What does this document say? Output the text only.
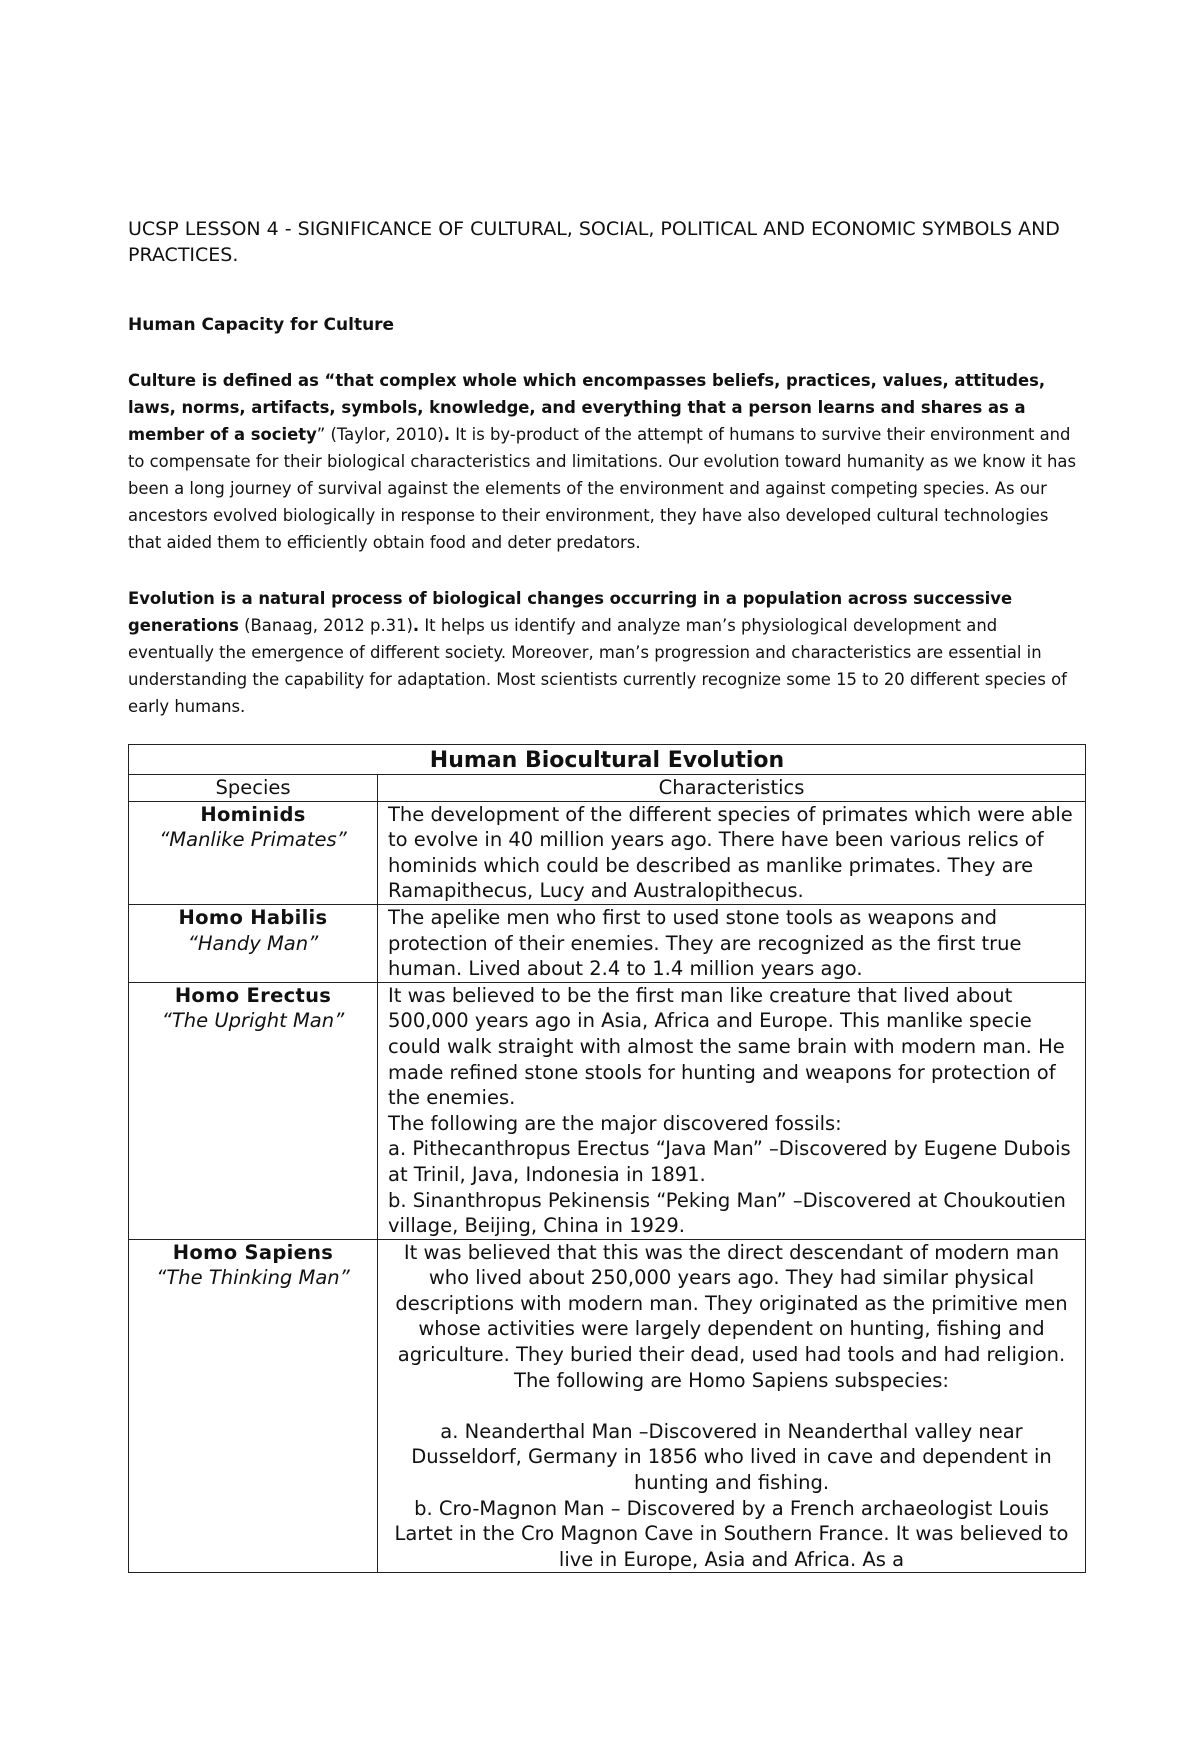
UCSP LESSON 4 - SIGNIFICANCE OF CULTURAL, SOCIAL, POLITICAL AND ECONOMIC SYMBOLS AND PRACTICES.
Human Capacity for Culture

Culture is defined as “that complex whole which encompasses beliefs, practices, values, attitudes, laws, norms, artifacts, symbols, knowledge, and everything that a person learns and shares as a member of a society” (Taylor, 2010). It is by-product of the attempt of humans to survive their environment and to compensate for their biological characteristics and limitations. Our evolution toward humanity as we know it has been a long journey of survival against the elements of the environment and against competing species. As our ancestors evolved biologically in response to their environment, they have also developed cultural technologies that aided them to efficiently obtain food and deter predators.

Evolution is a natural process of biological changes occurring in a population across successive generations (Banaag, 2012 p.31). It helps us identify and analyze man’s physiological development and eventually the emergence of different society. Moreover, man’s progression and characteristics are essential in understanding the capability for adaptation. Most scientists currently recognize some 15 to 20 different species of early humans.

Human Biocultural Evolution	
Species	Characteristics

Hominids
“Manlike Primates”	The development of the different species of primates which were able to evolve in 40 million years ago. There have been various relics of hominids which could be described as manlike primates. They are Ramapithecus, Lucy and Australopithecus.

Homo Habilis
“Handy Man”	The apelike men who first to used stone tools as weapons and protection of their enemies. They are recognized as the first true human. Lived about 2.4 to 1.4 million years ago.

Homo Erectus
“The Upright Man”	It was believed to be the first man like creature that lived about 500,000 years ago in Asia, Africa and Europe. This manlike specie could walk straight with almost the same brain with modern man. He made refined stone stools for hunting and weapons for protection of the enemies.
The following are the major discovered fossils:
a. Pithecanthropus Erectus “Java Man” –Discovered by Eugene Dubois at Trinil, Java, Indonesia in 1891.
b. Sinanthropus Pekinensis “Peking Man” –Discovered at Choukoutien village, Beijing, China in 1929.

Homo Sapiens
“The Thinking Man”	It was believed that this was the direct descendant of modern man who lived about 250,000 years ago. They had similar physical descriptions with modern man. They originated as the primitive men whose activities were largely dependent on hunting, fishing and agriculture. They buried their dead, used had tools and had religion. The following are Homo Sapiens subspecies:
a. Neanderthal Man –Discovered in Neanderthal valley near Dusseldorf, Germany in 1856 who lived in cave and dependent in hunting and fishing.
b. Cro-Magnon Man – Discovered by a French archaeologist Louis Lartet in the Cro Magnon Cave in Southern France. It was believed to live in Europe, Asia and Africa. As a
